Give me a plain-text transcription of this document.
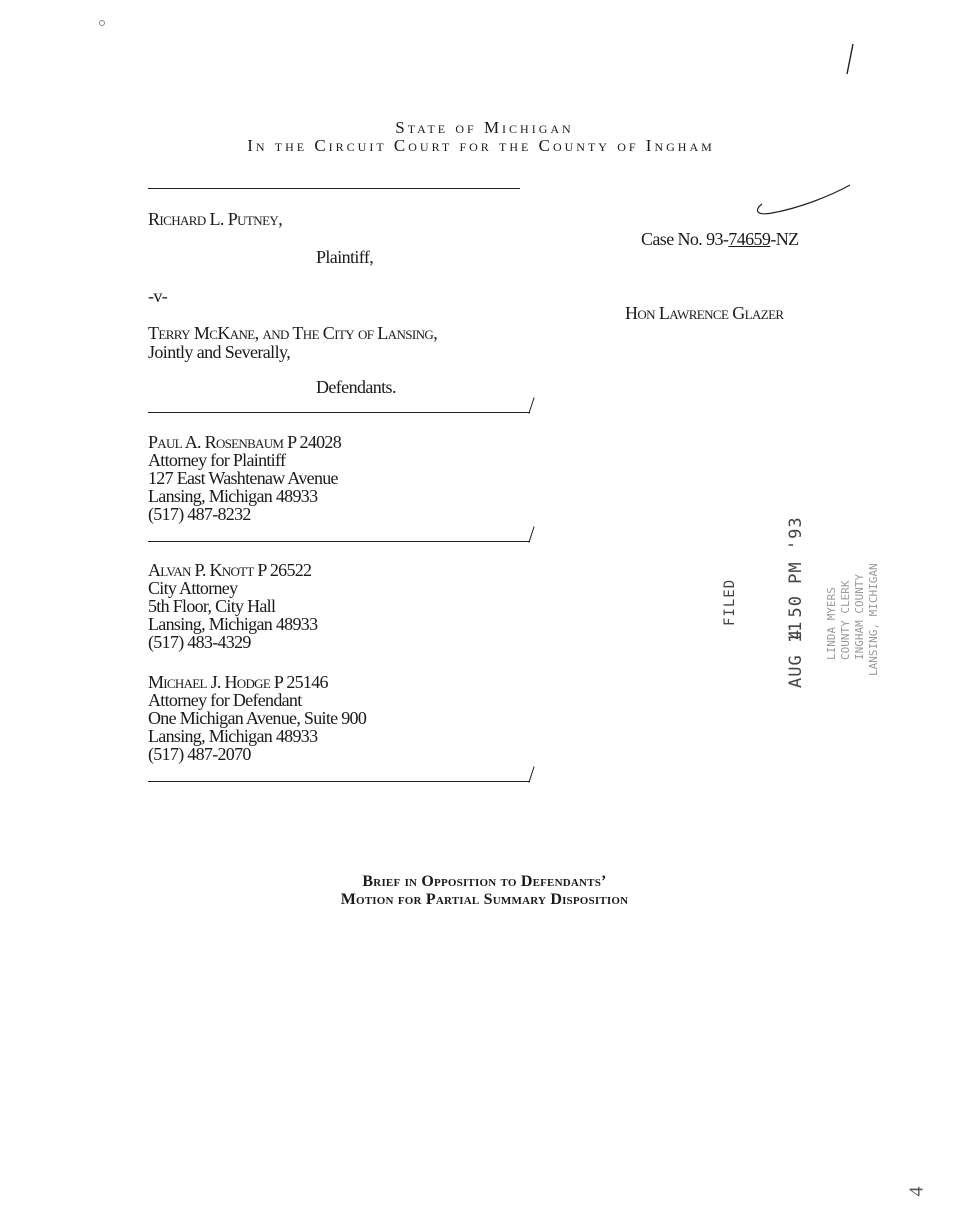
State of Michigan
In the Circuit Court for the County of Ingham
Richard L. Putney,
Plaintiff,
-v-
Terry McKane, and The City of Lansing,
Jointly and Severally,
Defendants.
Case No. 93-74659-NZ
Hon Lawrence Glazer
Paul A. Rosenbaum P 24028
Attorney for Plaintiff
127 East Washtenaw Avenue
Lansing, Michigan 48933
(517) 487-8232
Alvan P. Knott P 26522
City Attorney
5th Floor, City Hall
Lansing, Michigan 48933
(517) 483-4329
Michael J. Hodge P 25146
Attorney for Defendant
One Michigan Avenue, Suite 900
Lansing, Michigan 48933
(517) 487-2070
FILED
AUG 11
4 50 PM '93 LINDA MYERS COUNTY CLERK INGHAM COUNTY LANSING, MICHIGAN
Brief in Opposition to Defendants’
Motion for Partial Summary Disposition
4
